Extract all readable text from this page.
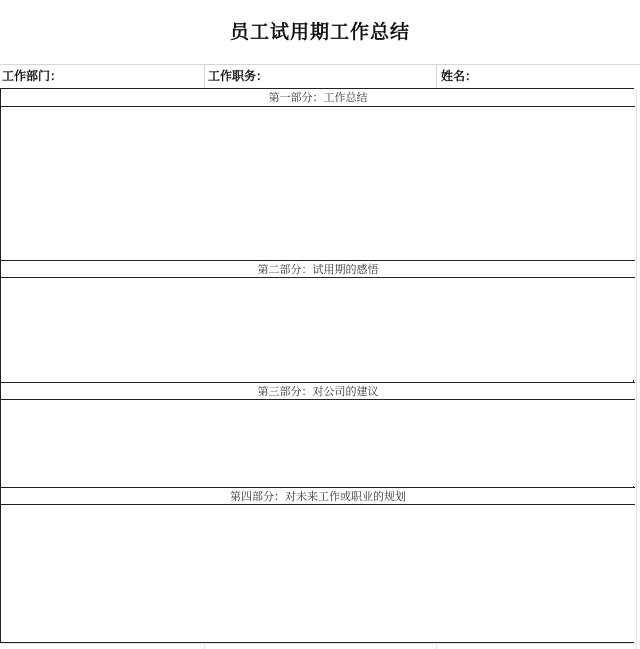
员工试用期工作总结
工作部门：	工作职务：	姓名：
第一部分：工作总结
第二部分：试用期的感悟
第三部分：对公司的建议
第四部分：对未来工作或职业的规划
